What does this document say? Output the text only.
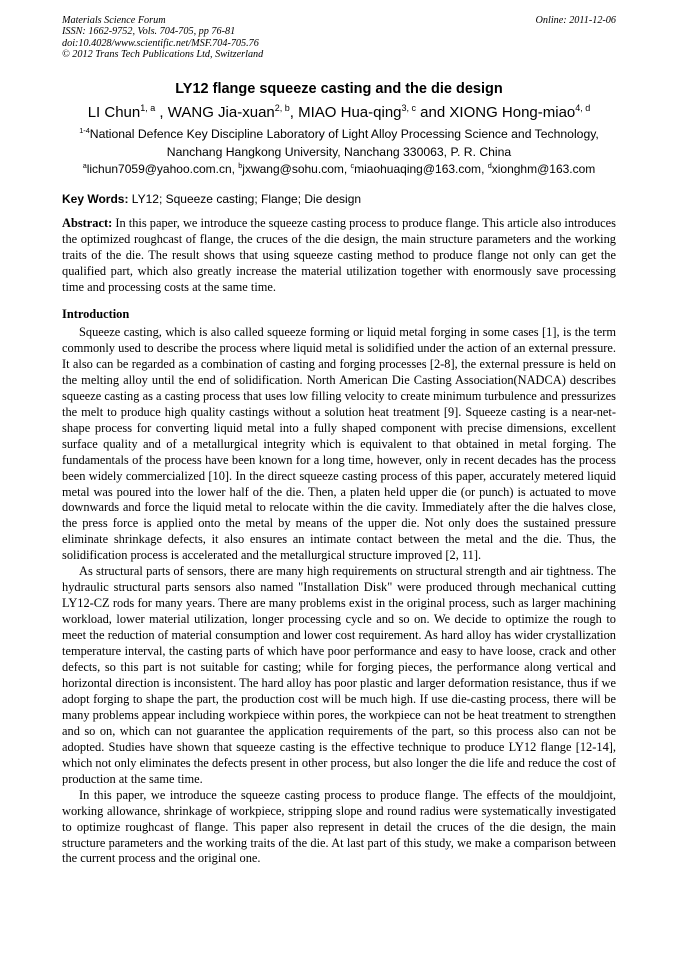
Materials Science Forum
ISSN: 1662-9752, Vols. 704-705, pp 76-81
doi:10.4028/www.scientific.net/MSF.704-705.76
© 2012 Trans Tech Publications Ltd, Switzerland
Online: 2011-12-06
LY12 flange squeeze casting and the die design
LI Chun$^{1, a}$ , WANG Jia-xuan$^{2, b}$, MIAO Hua-qing$^{3, c}$ and XIONG Hong-miao$^{4, d}$
$^{1-4}$National Defence Key Discipline Laboratory of Light Alloy Processing Science and Technology,
Nanchang Hangkong University, Nanchang 330063, P. R. China
$^a$lichun7059@yahoo.com.cn, $^b$jxwang@sohu.com, $^c$miaohuaqing@163.com, $^d$xionghm@163.com
Key Words: LY12; Squeeze casting; Flange; Die design

Abstract: In this paper, we introduce the squeeze casting process to produce flange. This article also introduces the optimized roughcast of flange, the cruces of the die design, the main structure parameters and the working traits of the die. The result shows that using squeeze casting method to produce flange not only can get the qualified part, which also greatly increase the material utilization together with enormously save processing time and processing costs at the same time.

Introduction

Squeeze casting, which is also called squeeze forming or liquid metal forging in some cases [1], is the term commonly used to describe the process where liquid metal is solidified under the action of an external pressure. It also can be regarded as a combination of casting and forging processes [2-8], the external pressure is held on the melting alloy until the end of solidification. North American Die Casting Association(NADCA) describes squeeze casting as a casting process that uses low filling velocity to create minimum turbulence and pressurizes the melt to produce high quality castings without a solution heat treatment [9]. Squeeze casting is a near-net-shape process for converting liquid metal into a fully shaped component with precise dimensions, excellent surface quality and of a metallurgical integrity which is equivalent to that obtained in metal forging. The fundamentals of the process have been known for a long time, however, only in recent decades has the process been widely commercialized [10]. In the direct squeeze casting process of this paper, accurately metered liquid metal was poured into the lower half of the die. Then, a platen held upper die (or punch) is actuated to move downwards and force the liquid metal to relocate within the die cavity. Immediately after the die halves close, the press force is applied onto the metal by means of the upper die. Not only does the sustained pressure eliminate shrinkage defects, it also ensures an intimate contact between the metal and the die. Thus, the solidification process is accelerated and the metallurgical structure improved [2, 11].

As structural parts of sensors, there are many high requirements on structural strength and air tightness. The hydraulic structural parts sensors also named "Installation Disk" were produced through mechanical cutting LY12-CZ rods for many years. There are many problems exist in the original process, such as larger machining workload, lower material utilization, longer processing cycle and so on. We decide to optimize the rough to meet the reduction of material consumption and lower cost requirement. As hard alloy has wider crystallization temperature interval, the casting parts of which have poor performance and easy to have loose, crack and other defects, so this part is not suitable for casting; while for forging pieces, the performance along vertical and horizontal direction is inconsistent. The hard alloy has poor plastic and larger deformation resistance, thus if we adopt forging to shape the part, the production cost will be much high. If use die-casting process, there will be many problems appear including workpiece within pores, the workpiece can not be heat treatment to strengthen and so on, which can not guarantee the application requirements of the part, so this process also can not be adopted. Studies have shown that squeeze casting is the effective technique to produce LY12 flange [12-14], which not only eliminates the defects present in other process, but also longer the die life and reduce the cost of production at the same time.

In this paper, we introduce the squeeze casting process to produce flange. The effects of the mouldjoint, working allowance, shrinkage of workpiece, stripping slope and round radius were systematically investigated to optimize roughcast of flange. This paper also represent in detail the cruces of the die design, the main structure parameters and the working traits of the die. At last part of this study, we make a comparison between the current process and the original one.
